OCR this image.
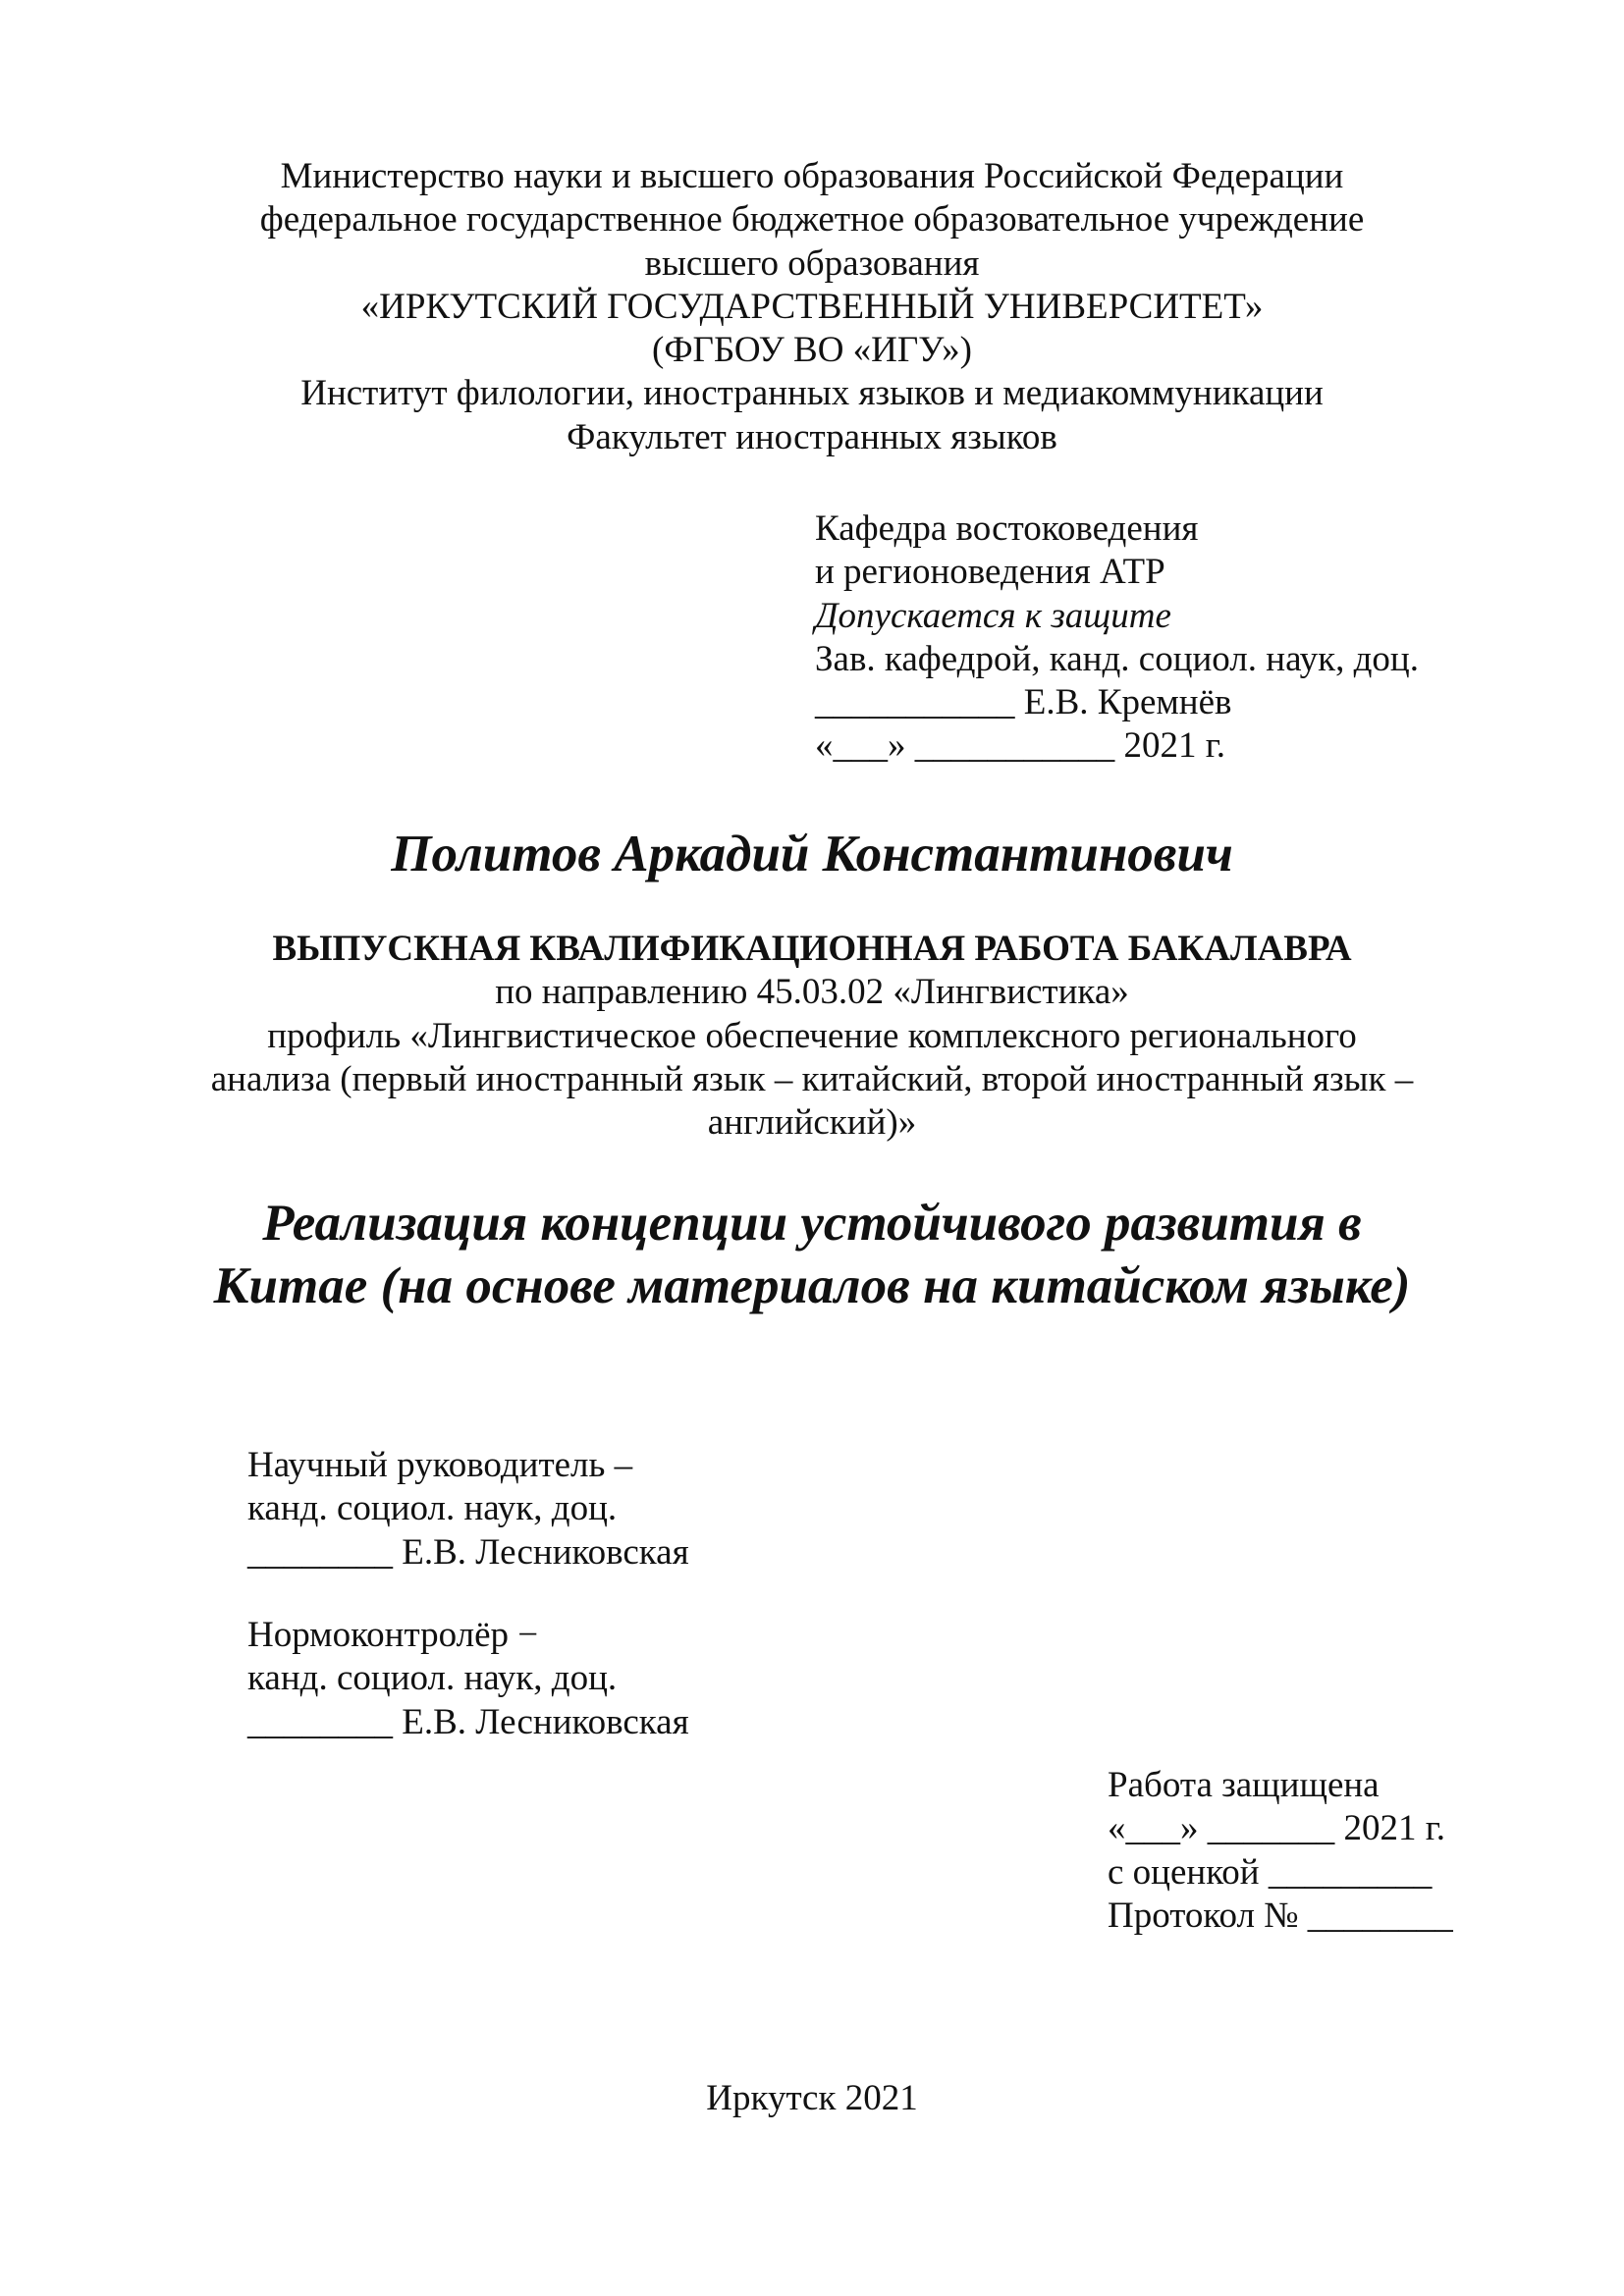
Министерство науки и высшего образования Российской Федерации
федеральное государственное бюджетное образовательное учреждение
высшего образования
«ИРКУТСКИЙ ГОСУДАРСТВЕННЫЙ УНИВЕРСИТЕТ»
(ФГБОУ ВО «ИГУ»)
Институт филологии, иностранных языков и медиакоммуникации
Факультет иностранных языков
Кафедра востоковедения
и регионоведения АТР
Допускается к защите
Зав. кафедрой, канд. социол. наук, доц.
___________ Е.В. Кремнёв
«___» ___________ 2021 г.
Политов Аркадий Константинович
ВЫПУСКНАЯ КВАЛИФИКАЦИОННАЯ РАБОТА БАКАЛАВРА
по направлению 45.03.02 «Лингвистика»
профиль «Лингвистическое обеспечение комплексного регионального
анализа (первый иностранный язык – китайский, второй иностранный язык –
английский)»
Реализация концепции устойчивого развития в
Китае (на основе материалов на китайском языке)
Научный руководитель –
канд. социол. наук, доц.
________ Е.В. Лесниковская
Нормоконтролёр −
канд. социол. наук, доц.
________ Е.В. Лесниковская
Работа защищена
«___» _______ 2021 г.
с оценкой _________
Протокол № ________
Иркутск 2021
